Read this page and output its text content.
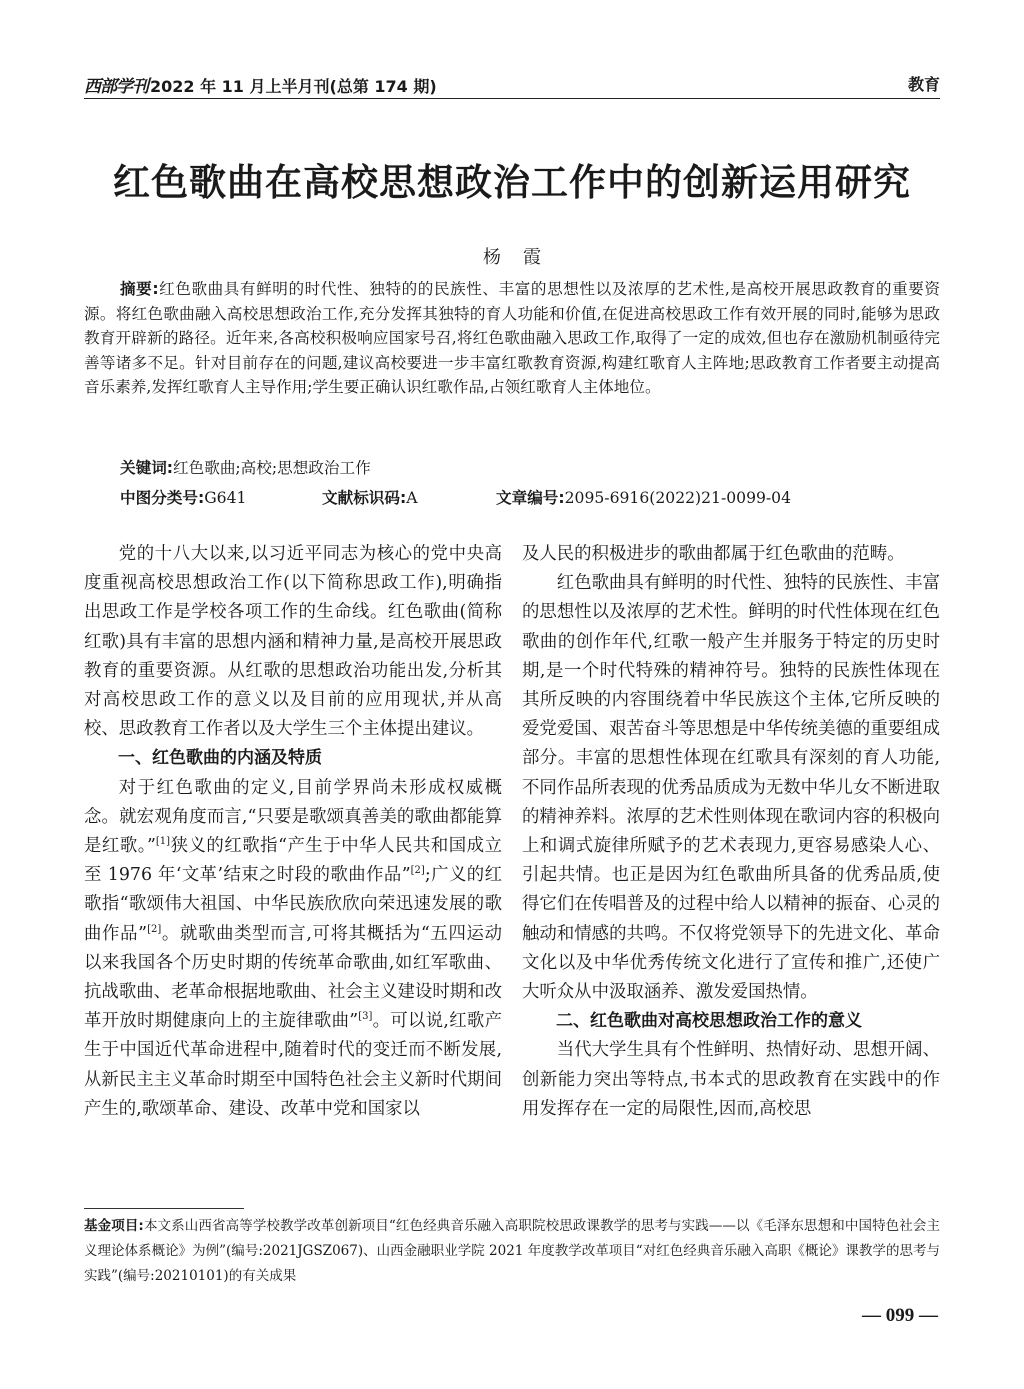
西部学刊 2022 年 11 月上半月刊(总第 174 期)	教育
红色歌曲在高校思想政治工作中的创新运用研究
杨霞

摘要:红色歌曲具有鲜明的时代性、独特的的民族性、丰富的思想性以及浓厚的艺术性,是高校开展思政教育的重要资源。将红色歌曲融入高校思想政治工作,充分发挥其独特的育人功能和价值,在促进高校思政工作有效开展的同时,能够为思政教育开辟新的路径。近年来,各高校积极响应国家号召,将红色歌曲融入思政工作,取得了一定的成效,但也存在激励机制亟待完善等诸多不足。针对目前存在的问题,建议高校要进一步丰富红歌教育资源,构建红歌育人主阵地;思政教育工作者要主动提高音乐素养,发挥红歌育人主导作用;学生要正确认识红歌作品,占领红歌育人主体地位。

关键词:红色歌曲;高校;思想政治工作
中图分类号:G641	文献标识码:A	文章编号:2095-6916(2022)21-0099-04

党的十八大以来,以习近平同志为核心的党中央高度重视高校思想政治工作(以下简称思政工作),明确指出思政工作是学校各项工作的生命线。红色歌曲(简称红歌)具有丰富的思想内涵和精神力量,是高校开展思政教育的重要资源。从红歌的思想政治功能出发,分析其对高校思政工作的意义以及目前的应用现状,并从高校、思政教育工作者以及大学生三个主体提出建议。

一、红色歌曲的内涵及特质

对于红色歌曲的定义,目前学界尚未形成权威概念。就宏观角度而言,“只要是歌颂真善美的歌曲都能算是红歌。”[1]狭义的红歌指“产生于中华人民共和国成立至 1976 年‘文革’结束之时段的歌曲作品”[2];广义的红歌指“歌颂伟大祖国、中华民族欣欣向荣迅速发展的歌曲作品”[2]。就歌曲类型而言,可将其概括为“五四运动以来我国各个历史时期的传统革命歌曲,如红军歌曲、抗战歌曲、老革命根据地歌曲、社会主义建设时期和改革开放时期健康向上的主旋律歌曲”[3]。可以说,红歌产生于中国近代革命进程中,随着时代的变迁而不断发展,从新民主主义革命时期至中国特色社会主义新时代期间产生的,歌颂革命、建设、改革中党和国家以

及人民的积极进步的歌曲都属于红色歌曲的范畴。

红色歌曲具有鲜明的时代性、独特的民族性、丰富的思想性以及浓厚的艺术性。鲜明的时代性体现在红色歌曲的创作年代,红歌一般产生并服务于特定的历史时期,是一个时代特殊的精神符号。独特的民族性体现在其所反映的内容围绕着中华民族这个主体,它所反映的爱党爱国、艰苦奋斗等思想是中华传统美德的重要组成部分。丰富的思想性体现在红歌具有深刻的育人功能,不同作品所表现的优秀品质成为无数中华儿女不断进取的精神养料。浓厚的艺术性则体现在歌词内容的积极向上和调式旋律所赋予的艺术表现力,更容易感染人心、引起共情。也正是因为红色歌曲所具备的优秀品质,使得它们在传唱普及的过程中给人以精神的振奋、心灵的触动和情感的共鸣。不仅将党领导下的先进文化、革命文化以及中华优秀传统文化进行了宣传和推广,还使广大听众从中汲取涵养、激发爱国热情。

二、红色歌曲对高校思想政治工作的意义

当代大学生具有个性鲜明、热情好动、思想开阔、创新能力突出等特点,书本式的思政教育在实践中的作用发挥存在一定的局限性,因而,高校思

基金项目:本文系山西省高等学校教学改革创新项目“红色经典音乐融入高职院校思政课教学的思考与实践——以《毛泽东思想和中国特色社会主义理论体系概论》为例”(编号:2021JGSZ067)、山西金融职业学院 2021 年度教学改革项目“对红色经典音乐融入高职《概论》课教学的思考与实践”(编号:20210101)的有关成果
— 099 —
